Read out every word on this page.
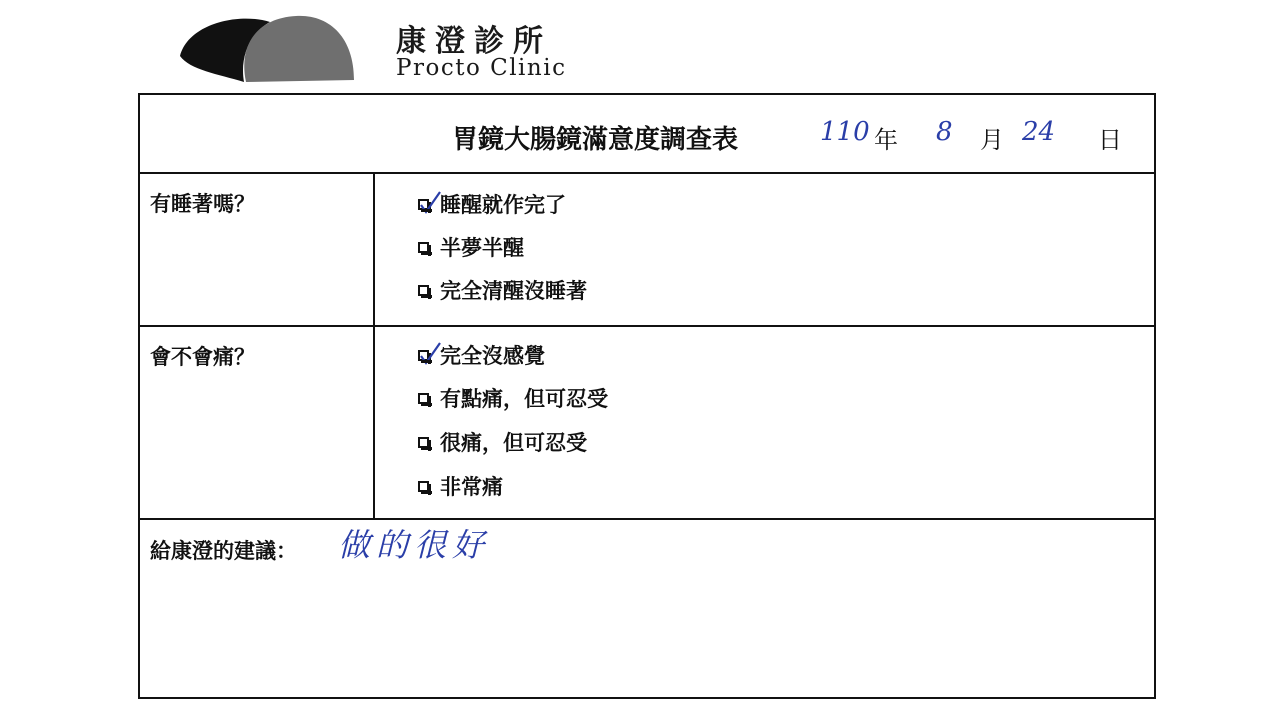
康澄診所
Procto Clinic
胃鏡大腸鏡滿意度調查表	110 年 8 月 24 日
有睡著嗎？	睡醒就作完了
半夢半醒
完全清醒沒睡著
會不會痛？	完全沒感覺
有點痛，但可忍受
很痛，但可忍受
非常痛
給康澄的建議： 做的很好
